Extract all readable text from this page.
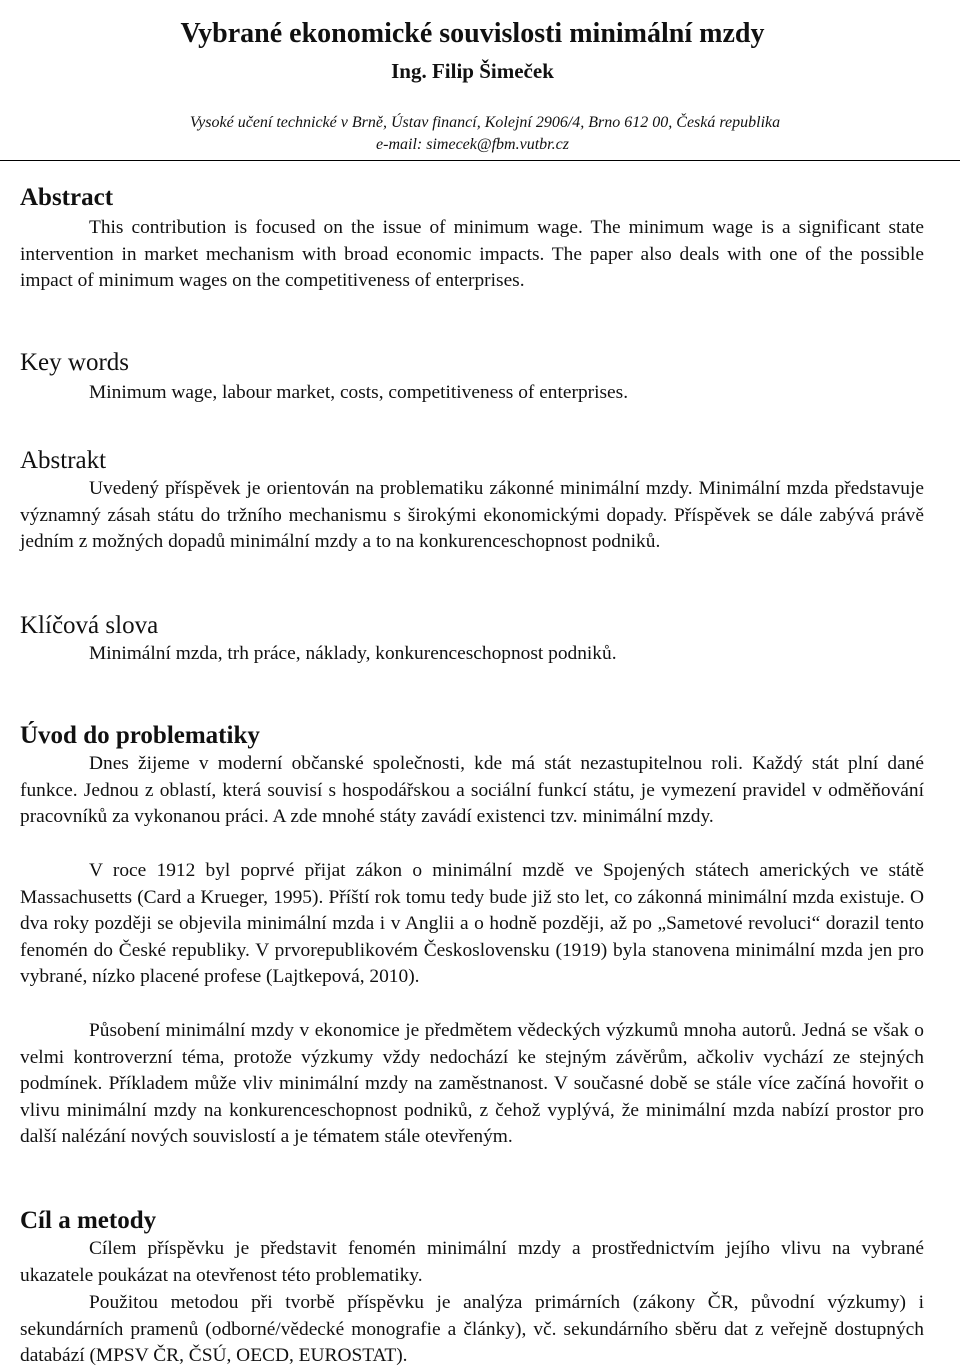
Vybrané ekonomické souvislosti minimální mzdy
Ing. Filip Šimeček
Vysoké učení technické v Brně, Ústav financí, Kolejní 2906/4, Brno 612 00, Česká republika
e-mail: simecek@fbm.vutbr.cz
Abstract

This contribution is focused on the issue of minimum wage. The minimum wage is a significant state intervention in market mechanism with broad economic impacts. The paper also deals with one of the possible impact of minimum wages on the competitiveness of enterprises.

Key words

Minimum wage, labour market, costs, competitiveness of enterprises.

Abstrakt

Uvedený příspěvek je orientován na problematiku zákonné minimální mzdy. Minimální mzda představuje významný zásah státu do tržního mechanismu s širokými ekonomickými dopady. Příspěvek se dále zabývá právě jedním z možných dopadů minimální mzdy a to na konkurenceschopnost podniků.

Klíčová slova

Minimální mzda, trh práce, náklady, konkurenceschopnost podniků.

Úvod do problematiky

Dnes žijeme v moderní občanské společnosti, kde má stát nezastupitelnou roli. Každý stát plní dané funkce. Jednou z oblastí, která souvisí s hospodářskou a sociální funkcí státu, je vymezení pravidel v odměňování pracovníků za vykonanou práci. A zde mnohé státy zavádí existenci tzv. minimální mzdy.

V roce 1912 byl poprvé přijat zákon o minimální mzdě ve Spojených státech amerických ve státě Massachusetts (Card a Krueger, 1995). Příští rok tomu tedy bude již sto let, co zákonná minimální mzda existuje. O dva roky později se objevila minimální mzda i v Anglii a o hodně později, až po „Sametové revoluci“ dorazil tento fenomén do České republiky. V prvorepublikovém Československu (1919) byla stanovena minimální mzda jen pro vybrané, nízko placené profese (Lajtkepová, 2010).

Působení minimální mzdy v ekonomice je předmětem vědeckých výzkumů mnoha autorů. Jedná se však o velmi kontroverzní téma, protože výzkumy vždy nedochází ke stejným závěrům, ačkoliv vychází ze stejných podmínek. Příkladem může vliv minimální mzdy na zaměstnanost. V současné době se stále více začíná hovořit o vlivu minimální mzdy na konkurenceschopnost podniků, z čehož vyplývá, že minimální mzda nabízí prostor pro další nalézání nových souvislostí a je tématem stále otevřeným.

Cíl a metody

Cílem příspěvku je představit fenomén minimální mzdy a prostřednictvím jejího vlivu na vybrané ukazatele poukázat na otevřenost této problematiky.

Použitou metodou při tvorbě příspěvku je analýza primárních (zákony ČR, původní výzkumy) i sekundárních pramenů (odborné/vědecké monografie a články), vč. sekundárního sběru dat z veřejně dostupných databází (MPSV ČR, ČSÚ, OECD, EUROSTAT).
